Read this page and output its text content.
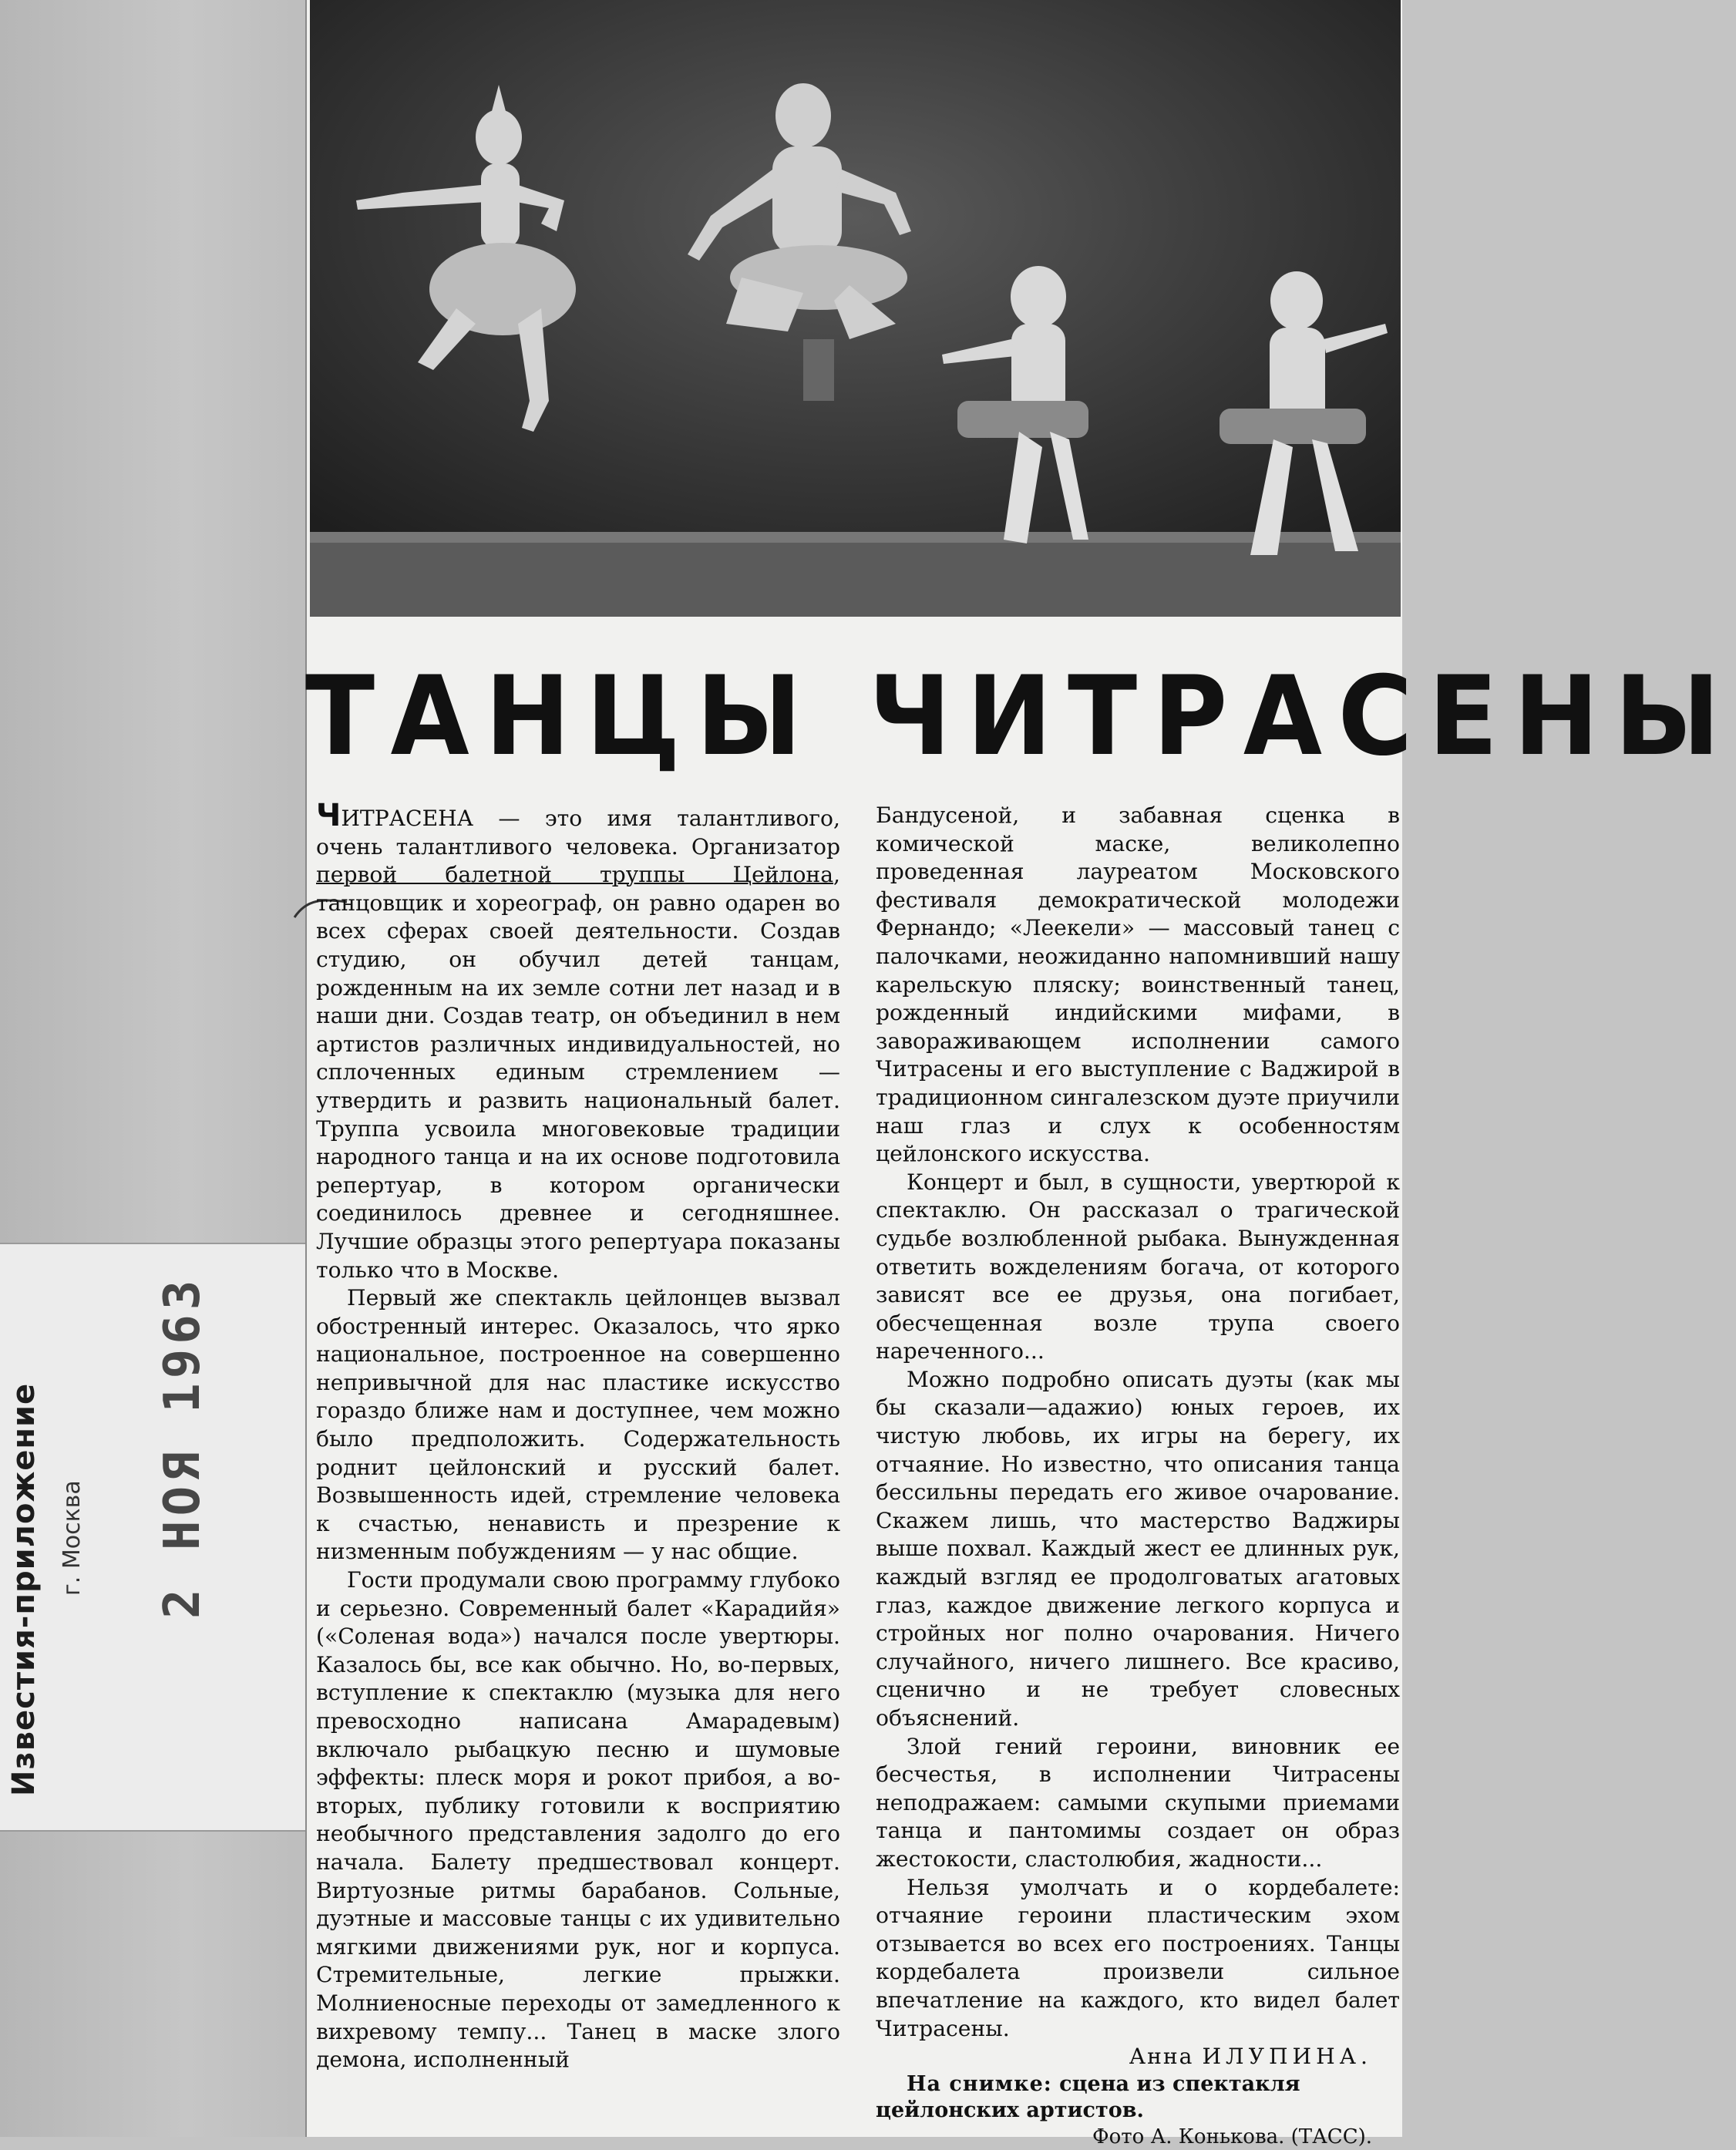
Известия-приложение г. Москва 2 НОЯ 1963
ТАНЦЫ ЧИТРАСЕНЫ

ЧИТРАСЕНА — это имя талантливого, очень талантливого человека. Организатор первой балетной труппы Цейлона, танцовщик и хореограф, он равно одарен во всех сферах своей деятельности. Создав студию, он обучил детей танцам, рожденным на их земле сотни лет назад и в наши дни. Создав театр, он объединил в нем артистов различных индивидуальностей, но сплоченных единым стремлением — утвердить и развить национальный балет. Труппа усвоила многовековые традиции народного танца и на их основе подготовила репертуар, в котором органически соединилось древнее и сегодняшнее. Лучшие образцы этого репертуара показаны только что в Москве.

Первый же спектакль цейлонцев вызвал обостренный интерес. Оказалось, что ярко национальное, построенное на совершенно непривычной для нас пластике искусство гораздо ближе нам и доступнее, чем можно было предположить. Содержательность роднит цейлонский и русский балет. Возвышенность идей, стремление человека к счастью, ненависть и презрение к низменным побуждениям — у нас общие.

Гости продумали свою программу глубоко и серьезно. Современный балет «Карадийя» («Соленая вода») начался после увертюры. Казалось бы, все как обычно. Но, во-первых, вступление к спектаклю (музыка для него превосходно написана Амарадевым) включало рыбацкую песню и шумовые эффекты: плеск моря и рокот прибоя, а во-вторых, публику готовили к восприятию необычного представления задолго до его начала. Балету предшествовал концерт. Виртуозные ритмы барабанов. Сольные, дуэтные и массовые танцы с их удивительно мягкими движениями рук, ног и корпуса. Стремительные, легкие прыжки. Молниеносные переходы от замедленного к вихревому темпу... Танец в маске злого демона, исполненный

Бандусеной, и забавная сценка в комической маске, великолепно проведенная лауреатом Московского фестиваля демократической молодежи Фернандо; «Леекели» — массовый танец с палочками, неожиданно напомнивший нашу карельскую пляску; воинственный танец, рожденный индийскими мифами, в завораживающем исполнении самого Читрасены и его выступление с Ваджирой в традиционном сингалезском дуэте приучили наш глаз и слух к особенностям цейлонского искусства.

Концерт и был, в сущности, увертюрой к спектаклю. Он рассказал о трагической судьбе возлюбленной рыбака. Вынужденная ответить вожделениям богача, от которого зависят все ее друзья, она погибает, обесчещенная возле трупа своего нареченного...

Можно подробно описать дуэты (как мы бы сказали—адажио) юных героев, их чистую любовь, их игры на берегу, их отчаяние. Но известно, что описания танца бессильны передать его живое очарование. Скажем лишь, что мастерство Ваджиры выше похвал. Каждый жест ее длинных рук, каждый взгляд ее продолговатых агатовых глаз, каждое движение легкого корпуса и стройных ног полно очарования. Ничего случайного, ничего лишнего. Все красиво, сценично и не требует словесных объяснений.

Злой гений героини, виновник ее бесчестья, в исполнении Читрасены неподражаем: самыми скупыми приемами танца и пантомимы создает он образ жестокости, сластолюбия, жадности...

Нельзя умолчать и о кордебалете: отчаяние героини пластическим эхом отзывается во всех его построениях. Танцы кордебалета произвели сильное впечатление на каждого, кто видел балет Читрасены.

Анна ИЛУПИНА.

На снимке: сцена из спектакля цейлонских артистов.

Фото А. Конькова. (ТАСС).
